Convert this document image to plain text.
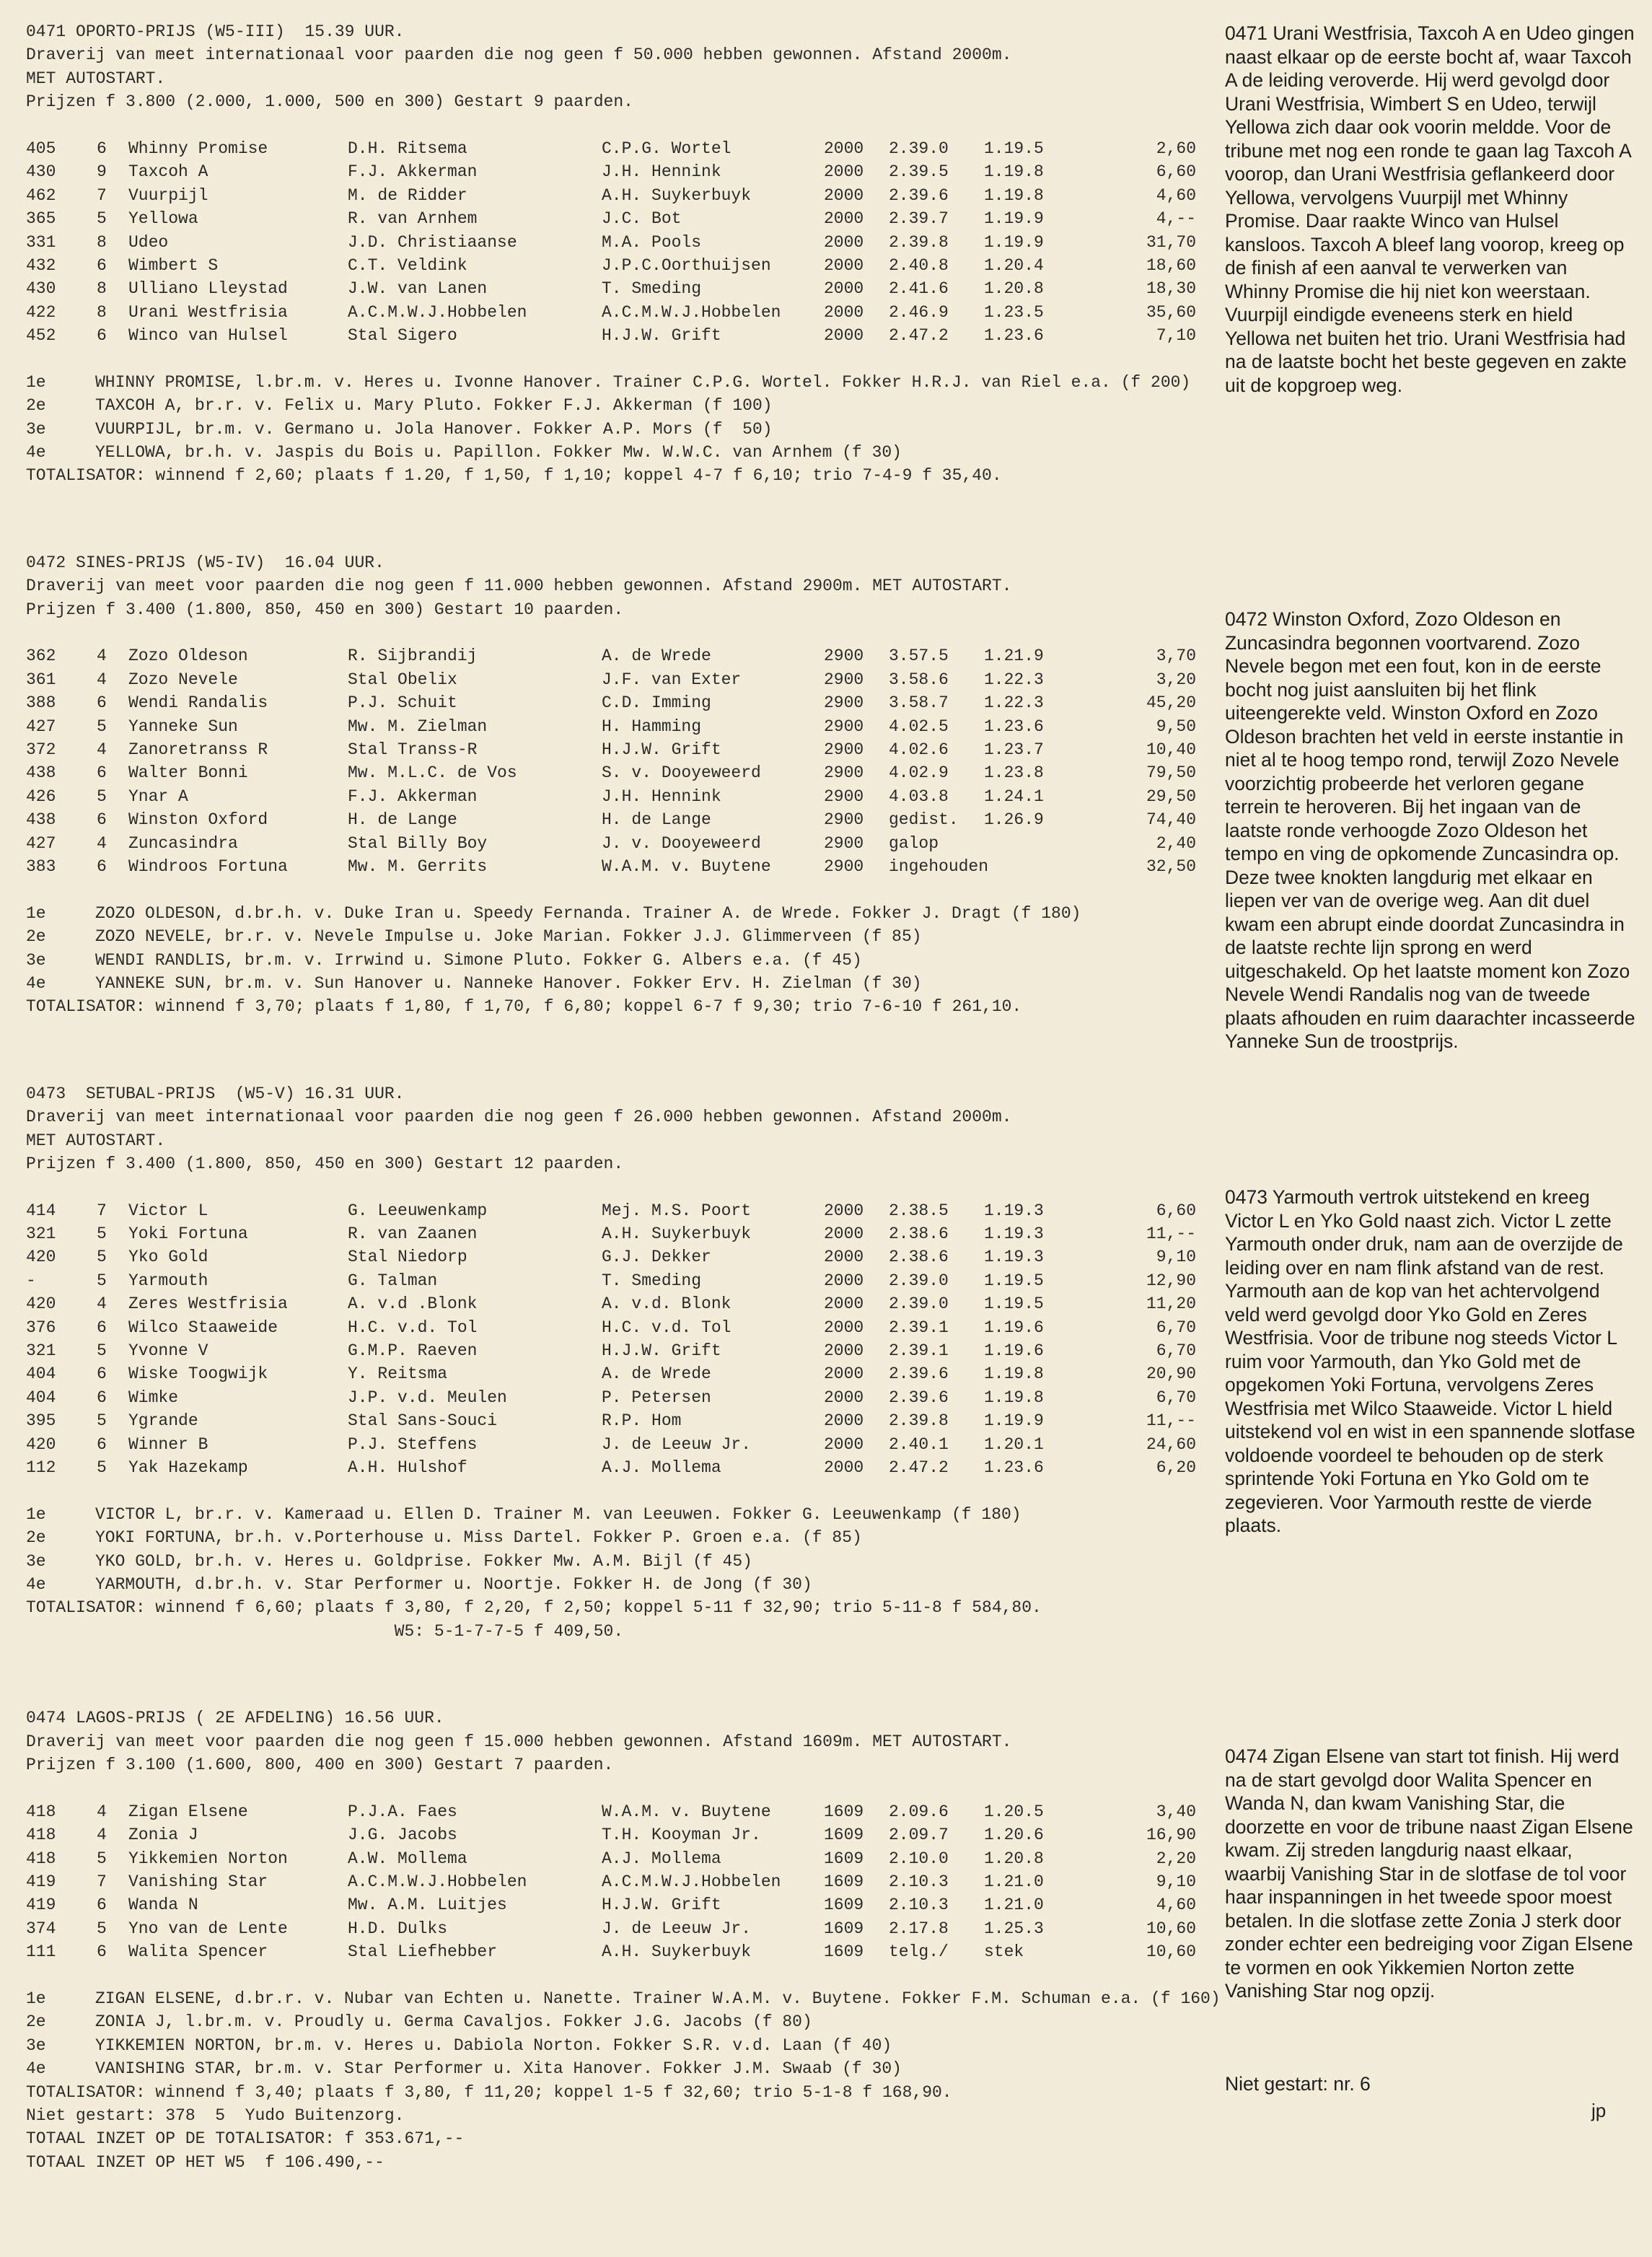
0471 OPORTO-PRIJS (W5-III)  15.39 UUR.
Draverij van meet internationaal voor paarden die nog geen f 50.000 hebben gewonnen. Afstand 2000m.
MET AUTOSTART.
Prijzen f 3.800 (2.000, 1.000, 500 en 300) Gestart 9 paarden.
405 6 Whinny Promise	D.H. Ritsema	C.P.G. Wortel	2000 2.39.0 1.19.5	2,60
430 9 Taxcoh A	F.J. Akkerman	J.H. Hennink	2000 2.39.5 1.19.8	6,60
462 7 Vuurpijl	M. de Ridder	A.H. Suykerbuyk	2000 2.39.6 1.19.8	4,60
365 5 Yellowa	R. van Arnhem	J.C. Bot	2000 2.39.7 1.19.9	4,--
331 8 Udeo	J.D. Christiaanse	M.A. Pools	2000 2.39.8 1.19.9	31,70
432 6 Wimbert S	C.T. Veldink	J.P.C.Oorthuijsen	2000 2.40.8 1.20.4	18,60
430 8 Ulliano Lleystad	J.W. van Lanen	T. Smeding	2000 2.41.6 1.20.8	18,30
422 8 Urani Westfrisia	A.C.M.W.J.Hobbelen	A.C.M.W.J.Hobbelen	2000 2.46.9 1.23.5	35,60
452 6 Winco van Hulsel	Stal Sigero	H.J.W. Grift	2000 2.47.2 1.23.6	7,10
1e	WHINNY PROMISE, l.br.m. v. Heres u. Ivonne Hanover. Trainer C.P.G. Wortel. Fokker H.R.J. van Riel e.a. (f 200)
2e	TAXCOH A, br.r. v. Felix u. Mary Pluto. Fokker F.J. Akkerman (f 100)
3e	VUURPIJL, br.m. v. Germano u. Jola Hanover. Fokker A.P. Mors (f  50)
4e	YELLOWA, br.h. v. Jaspis du Bois u. Papillon. Fokker Mw. W.W.C. van Arnhem (f 30)
TOTALISATOR: winnend f 2,60; plaats f 1.20, f 1,50, f 1,10; koppel 4-7 f 6,10; trio 7-4-9 f 35,40.
0472 SINES-PRIJS (W5-IV)  16.04 UUR.
Draverij van meet voor paarden die nog geen f 11.000 hebben gewonnen. Afstand 2900m. MET AUTOSTART.
Prijzen f 3.400 (1.800, 850, 450 en 300) Gestart 10 paarden.
362 4 Zozo Oldeson	R. Sijbrandij	A. de Wrede	2900 3.57.5 1.21.9	3,70
361 4 Zozo Nevele	Stal Obelix	J.F. van Exter	2900 3.58.6 1.22.3	3,20
388 6 Wendi Randalis	P.J. Schuit	C.D. Imming	2900 3.58.7 1.22.3	45,20
427 5 Yanneke Sun	Mw. M. Zielman	H. Hamming	2900 4.02.5 1.23.6	9,50
372 4 Zanoretranss R	Stal Transs-R	H.J.W. Grift	2900 4.02.6 1.23.7	10,40
438 6 Walter Bonni	Mw. M.L.C. de Vos	S. v. Dooyeweerd	2900 4.02.9 1.23.8	79,50
426 5 Ynar A	F.J. Akkerman	J.H. Hennink	2900 4.03.8 1.24.1	29,50
438 6 Winston Oxford	H. de Lange	H. de Lange	2900 gedist. 1.26.9	74,40
427 4 Zuncasindra	Stal Billy Boy	J. v. Dooyeweerd	2900 galop	2,40
383 6 Windroos Fortuna	Mw. M. Gerrits	W.A.M. v. Buytene	2900 ingehouden	32,50
1e	ZOZO OLDESON, d.br.h. v. Duke Iran u. Speedy Fernanda. Trainer A. de Wrede. Fokker J. Dragt (f 180)
2e	ZOZO NEVELE, br.r. v. Nevele Impulse u. Joke Marian. Fokker J.J. Glimmerveen (f 85)
3e	WENDI RANDLIS, br.m. v. Irrwind u. Simone Pluto. Fokker G. Albers e.a. (f 45)
4e	YANNEKE SUN, br.m. v. Sun Hanover u. Nanneke Hanover. Fokker Erv. H. Zielman (f 30)
TOTALISATOR: winnend f 3,70; plaats f 1,80, f 1,70, f 6,80; koppel 6-7 f 9,30; trio 7-6-10 f 261,10.
0473  SETUBAL-PRIJS  (W5-V) 16.31 UUR.
Draverij van meet internationaal voor paarden die nog geen f 26.000 hebben gewonnen. Afstand 2000m.
MET AUTOSTART.
Prijzen f 3.400 (1.800, 850, 450 en 300) Gestart 12 paarden.
414 7 Victor L	G. Leeuwenkamp	Mej. M.S. Poort	2000 2.38.5 1.19.3	6,60
321 5 Yoki Fortuna	R. van Zaanen	A.H. Suykerbuyk	2000 2.38.6 1.19.3	11,--
420 5 Yko Gold	Stal Niedorp	G.J. Dekker	2000 2.38.6 1.19.3	9,10
-	5 Yarmouth	G. Talman	T. Smeding	2000 2.39.0 1.19.5	12,90
420 4 Zeres Westfrisia	A. v.d .Blonk	A. v.d. Blonk	2000 2.39.0 1.19.5	11,20
376 6 Wilco Staaweide	H.C. v.d. Tol	H.C. v.d. Tol	2000 2.39.1 1.19.6	6,70
321 5 Yvonne V	G.M.P. Raeven	H.J.W. Grift	2000 2.39.1 1.19.6	6,70
404 6 Wiske Toogwijk	Y. Reitsma	A. de Wrede	2000 2.39.6 1.19.8	20,90
404 6 Wimke	J.P. v.d. Meulen	P. Petersen	2000 2.39.6 1.19.8	6,70
395 5 Ygrande	Stal Sans-Souci	R.P. Hom	2000 2.39.8 1.19.9	11,--
420 6 Winner B	P.J. Steffens	J. de Leeuw Jr.	2000 2.40.1 1.20.1	24,60
112 5 Yak Hazekamp	A.H. Hulshof	A.J. Mollema	2000 2.47.2 1.23.6	6,20
1e	VICTOR L, br.r. v. Kameraad u. Ellen D. Trainer M. van Leeuwen. Fokker G. Leeuwenkamp (f 180)
2e	YOKI FORTUNA, br.h. v.Porterhouse u. Miss Dartel. Fokker P. Groen e.a. (f 85)
3e	YKO GOLD, br.h. v. Heres u. Goldprise. Fokker Mw. A.M. Bijl (f 45)
4e	YARMOUTH, d.br.h. v. Star Performer u. Noortje. Fokker H. de Jong (f 30)
TOTALISATOR: winnend f 6,60; plaats f 3,80, f 2,20, f 2,50; koppel 5-11 f 32,90; trio 5-11-8 f 584,80.
W5: 5-1-7-7-5 f 409,50.
0474 LAGOS-PRIJS ( 2E AFDELING) 16.56 UUR.
Draverij van meet voor paarden die nog geen f 15.000 hebben gewonnen. Afstand 1609m. MET AUTOSTART.
Prijzen f 3.100 (1.600, 800, 400 en 300) Gestart 7 paarden.
418 4 Zigan Elsene	P.J.A. Faes	W.A.M. v. Buytene	1609 2.09.6 1.20.5	3,40
418 4 Zonia J	J.G. Jacobs	T.H. Kooyman Jr.	1609 2.09.7 1.20.6	16,90
418 5 Yikkemien Norton	A.W. Mollema	A.J. Mollema	1609 2.10.0 1.20.8	2,20
419 7 Vanishing Star	A.C.M.W.J.Hobbelen	A.C.M.W.J.Hobbelen	1609 2.10.3 1.21.0	9,10
419 6 Wanda N	Mw. A.M. Luitjes	H.J.W. Grift	1609 2.10.3 1.21.0	4,60
374 5 Yno van de Lente	H.D. Dulks	J. de Leeuw Jr.	1609 2.17.8 1.25.3	10,60
111 6 Walita Spencer	Stal Liefhebber	A.H. Suykerbuyk	1609 telg./ stek	10,60
1e	ZIGAN ELSENE, d.br.r. v. Nubar van Echten u. Nanette. Trainer W.A.M. v. Buytene. Fokker F.M. Schuman e.a. (f 160)
2e	ZONIA J, l.br.m. v. Proudly u. Germa Cavaljos. Fokker J.G. Jacobs (f 80)
3e	YIKKEMIEN NORTON, br.m. v. Heres u. Dabiola Norton. Fokker S.R. v.d. Laan (f 40)
4e	VANISHING STAR, br.m. v. Star Performer u. Xita Hanover. Fokker J.M. Swaab (f 30)
TOTALISATOR: winnend f 3,40; plaats f 3,80, f 11,20; koppel 1-5 f 32,60; trio 5-1-8 f 168,90.
Niet gestart: 378  5  Yudo Buitenzorg.
TOTAAL INZET OP DE TOTALISATOR: f 353.671,--
TOTAAL INZET OP HET W5  f 106.490,--

0471 Urani Westfrisia, Taxcoh A en Udeo gingen naast elkaar op de eerste bocht af, waar Taxcoh A de leiding veroverde. Hij werd gevolgd door Urani Westfrisia, Wimbert S en Udeo, terwijl Yellowa zich daar ook voorin meldde. Voor de tribune met nog een ronde te gaan lag Taxcoh A voorop, dan Urani Westfrisia geflankeerd door Yellowa, vervolgens Vuurpijl met Whinny Promise. Daar raakte Winco van Hulsel kansloos. Taxcoh A bleef lang voorop, kreeg op de finish af een aanval te verwerken van Whinny Promise die hij niet kon weerstaan. Vuurpijl eindigde eveneens sterk en hield Yellowa net buiten het trio. Urani Westfrisia had na de laatste bocht het beste gegeven en zakte uit de kopgroep weg.

0472 Winston Oxford, Zozo Oldeson en Zuncasindra begonnen voortvarend. Zozo Nevele begon met een fout, kon in de eerste bocht nog juist aansluiten bij het flink uiteengerekte veld. Winston Oxford en Zozo Oldeson brachten het veld in eerste instantie in niet al te hoog tempo rond, terwijl Zozo Nevele voorzichtig probeerde het verloren gegane terrein te heroveren. Bij het ingaan van de laatste ronde verhoogde Zozo Oldeson het tempo en ving de opkomende Zuncasindra op. Deze twee knokten langdurig met elkaar en liepen ver van de overige weg. Aan dit duel kwam een abrupt einde doordat Zuncasindra in de laatste rechte lijn sprong en werd uitgeschakeld. Op het laatste moment kon Zozo Nevele Wendi Randalis nog van de tweede plaats afhouden en ruim daarachter incasseerde Yanneke Sun de troostprijs.

0473 Yarmouth vertrok uitstekend en kreeg Victor L en Yko Gold naast zich. Victor L zette Yarmouth onder druk, nam aan de overzijde de leiding over en nam flink afstand van de rest. Yarmouth aan de kop van het achtervolgend veld werd gevolgd door Yko Gold en Zeres Westfrisia. Voor de tribune nog steeds Victor L ruim voor Yarmouth, dan Yko Gold met de opgekomen Yoki Fortuna, vervolgens Zeres Westfrisia met Wilco Staaweide. Victor L hield uitstekend vol en wist in een spannende slotfase voldoende voordeel te behouden op de sterk sprintende Yoki Fortuna en Yko Gold om te zegevieren. Voor Yarmouth restte de vierde plaats.

0474 Zigan Elsene van start tot finish. Hij werd na de start gevolgd door Walita Spencer en Wanda N, dan kwam Vanishing Star, die doorzette en voor de tribune naast Zigan Elsene kwam. Zij streden langdurig naast elkaar, waarbij Vanishing Star in de slotfase de tol voor haar inspanningen in het tweede spoor moest betalen. In die slotfase zette Zonia J sterk door zonder echter een bedreiging voor Zigan Elsene te vormen en ook Yikkemien Norton zette Vanishing Star nog opzij.

Niet gestart: nr. 6

jp
